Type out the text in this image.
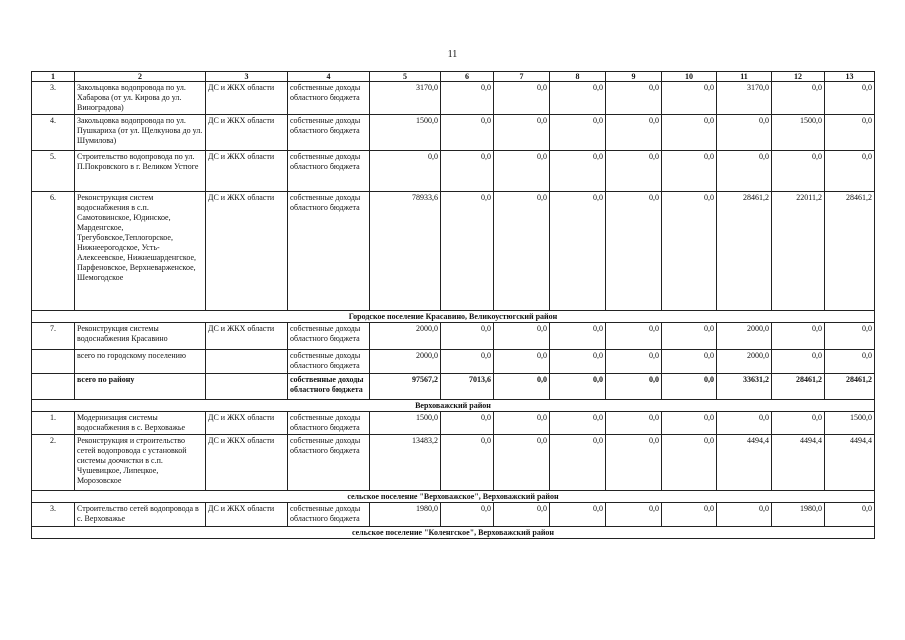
11
1	2	3	4	5	6	7	8	9	10	11	12	13
3.	Закольцовка водопровода по ул. Хабарова (от ул. Кирова до ул. Виноградова)	ДС и ЖКХ области	собственные доходы областного бюджета	3170,0	0,0	0,0	0,0	0,0	0,0	3170,0	0,0	0,0
4.	Закольцовка водопровода по ул. Пушкариха (от ул. Щелкунова до ул. Шумилова)	ДС и ЖКХ области	собственные доходы областного бюджета	1500,0	0,0	0,0	0,0	0,0	0,0	0,0	1500,0	0,0
5.	Строительство водопровода по ул. П.Покровского в г. Великом Устюге	ДС и ЖКХ области	собственные доходы областного бюджета	0,0	0,0	0,0	0,0	0,0	0,0	0,0	0,0	0,0
6.	Реконструкция систем водоснабжения в с.п. Самотовинское, Юдинское, Марденгское, Трегубовское,Теплогорское, Нижнеерогодское, Усть-Алексеевское, Нижнешарденгское, Парфеновское, Верхневарженское, Шемогодское	ДС и ЖКХ области	собственные доходы областного бюджета	78933,6	0,0	0,0	0,0	0,0	0,0	28461,2	22011,2	28461,2
Городское поселение Красавино, Великоустюгский район												
7.	Реконструкция системы водоснабжения Красавино	ДС и ЖКХ области	собственные доходы областного бюджета	2000,0	0,0	0,0	0,0	0,0	0,0	2000,0	0,0	0,0
	всего по городскому поселению		собственные доходы областного бюджета	2000,0	0,0	0,0	0,0	0,0	0,0	2000,0	0,0	0,0
	всего по району		собственные доходы областного бюджета	97567,2	7013,6	0,0	0,0	0,0	0,0	33631,2	28461,2	28461,2
Верховажский район												
1.	Модернизация системы водоснабжения в с. Верховажье	ДС и ЖКХ области	собственные доходы областного бюджета	1500,0	0,0	0,0	0,0	0,0	0,0	0,0	0,0	1500,0
2.	Реконструкция и строительство сетей водопровода с установкой системы доочистки в с.п. Чушевицкое, Липецкое, Морозовское	ДС и ЖКХ области	собственные доходы областного бюджета	13483,2	0,0	0,0	0,0	0,0	0,0	4494,4	4494,4	4494,4
сельское поселение "Верховажское", Верховажский район												
3.	Строительство сетей водопровода в с. Верховажье	ДС и ЖКХ области	собственные доходы областного бюджета	1980,0	0,0	0,0	0,0	0,0	0,0	0,0	1980,0	0,0
сельское поселение "Коленгское", Верховажский район												
